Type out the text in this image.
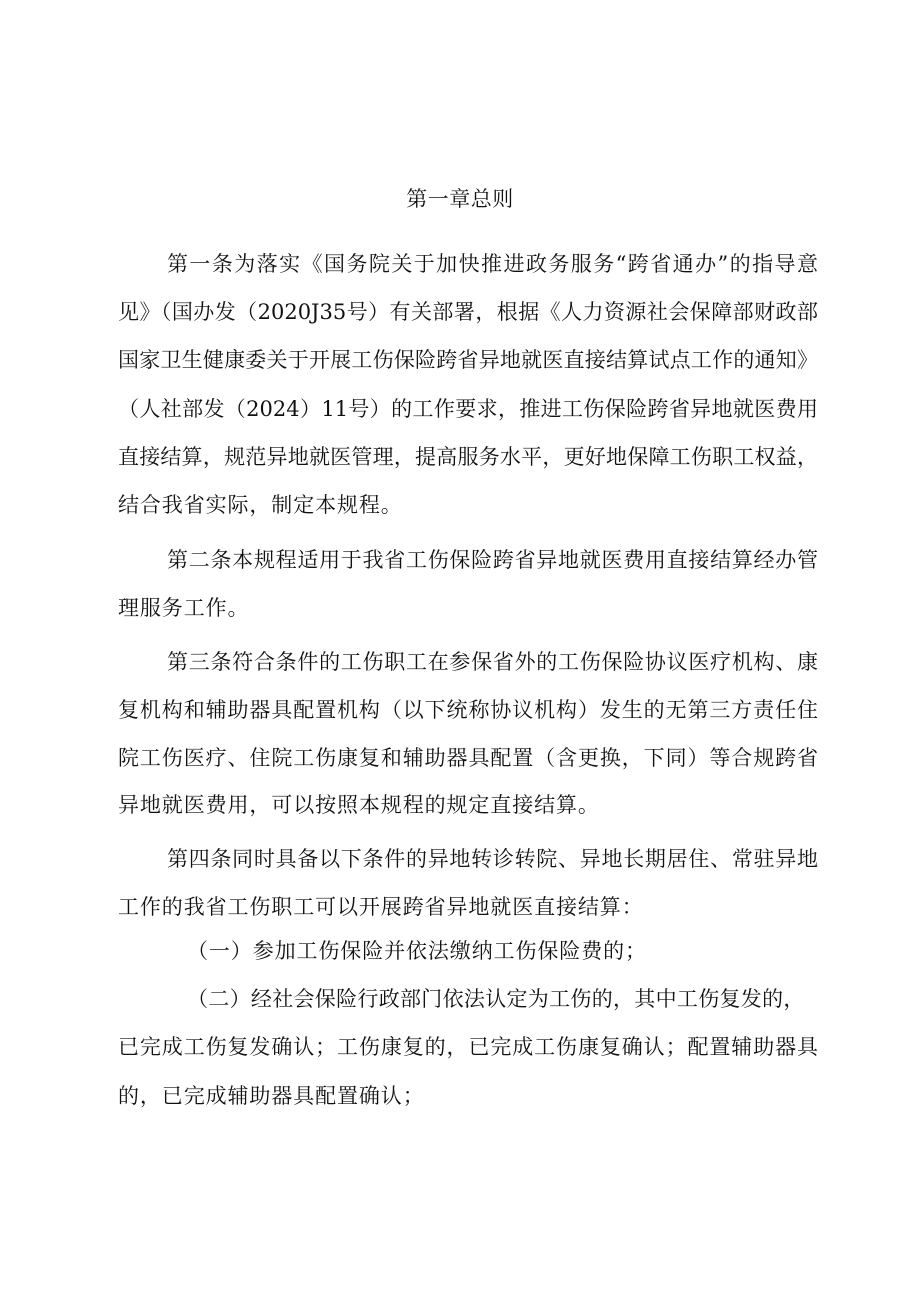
第一章总则
第一条为落实《国务院关于加快推进政务服务“跨省通办”的指导意
见》（国办发（2020J35号）有关部署，根据《人力资源社会保障部财政部
国家卫生健康委关于开展工伤保险跨省异地就医直接结算试点工作的通知》
（人社部发（2024）11号）的工作要求，推进工伤保险跨省异地就医费用
直接结算，规范异地就医管理，提高服务水平，更好地保障工伤职工权益，
结合我省实际，制定本规程。
第二条本规程适用于我省工伤保险跨省异地就医费用直接结算经办管
理服务工作。
第三条符合条件的工伤职工在参保省外的工伤保险协议医疗机构、康
复机构和辅助器具配置机构（以下统称协议机构）发生的无第三方责任住
院工伤医疗、住院工伤康复和辅助器具配置（含更换，下同）等合规跨省
异地就医费用，可以按照本规程的规定直接结算。
第四条同时具备以下条件的异地转诊转院、异地长期居住、常驻异地
工作的我省工伤职工可以开展跨省异地就医直接结算：
（一）参加工伤保险并依法缴纳工伤保险费的；
（二）经社会保险行政部门依法认定为工伤的，其中工伤复发的，
已完成工伤复发确认；工伤康复的，已完成工伤康复确认；配置辅助器具
的，已完成辅助器具配置确认；
